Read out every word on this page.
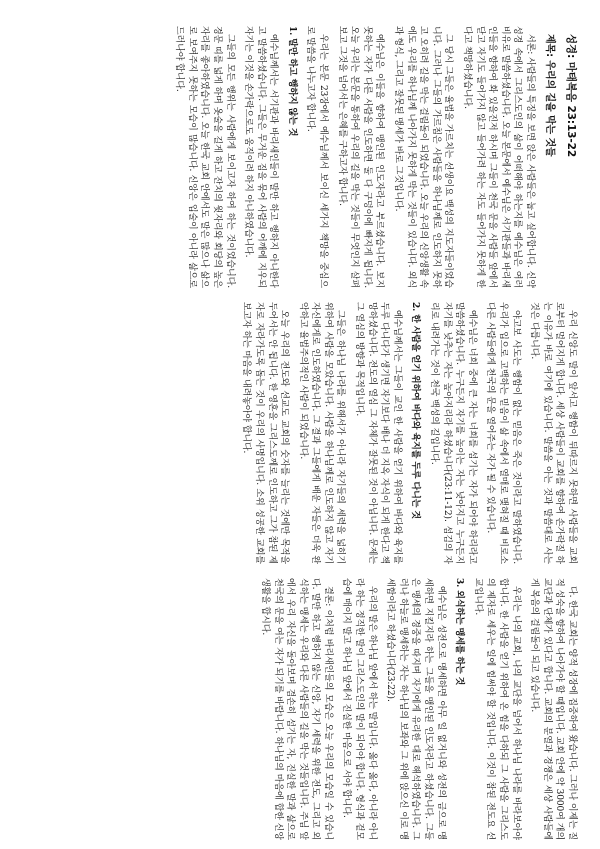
성경: 마태복음 23:13-22

제목: 우리의 길을 막는 것들

서론: 사람들의 특징을 보면 앉은 사람들은 눕고 싶어합니다. 신약 성경 속에서 그리스도인의 삶이 어떠해야 하는지를 예수님은 여러 비유로 말씀하셨습니다. 오늘 본문에서 예수님은 서기관들과 바리새인들을 향하여 화 있을진저 하시며 그들이 천국 문을 사람들 앞에서 닫고 자기도 들어가지 않고 들어가려 하는 자도 들어가지 못하게 한다고 책망하셨습니다.

그 당시 그들은 율법을 가르치는 선생이요 백성의 지도자들이었습니다. 그러나 그들의 가르침은 사람들을 하나님께로 인도하지 못하고 오히려 길을 막는 걸림돌이 되었습니다. 오늘 우리의 신앙생활 속에도 우리를 하나님께 나아가지 못하게 막는 것들이 있습니다. 외식과 형식, 그리고 잘못된 맹세가 바로 그것입니다.

예수님은 이들을 향하여 맹인된 인도자라고 부르셨습니다. 보지 못하는 자가 다른 사람을 인도하면 둘 다 구덩이에 빠지게 됩니다. 오늘 우리는 본문을 통하여 우리의 길을 막는 것들이 무엇인지 살펴보고 그것을 넘어서는 은혜를 구하고자 합니다.

우리는 본문 23장에서 예수님께서 보이신 세가지 책망을 중심으로 말씀을 나누고자 합니다.

1. 말만 하고 행하지 않는 것

예수님께서는 서기관과 바리새인들이 말만 하고 행하지 아니한다고 말씀하셨습니다. 그들은 무거운 짐을 묶어 사람의 어깨에 지우되 자기는 이것을 손가락으로도 움직이려 하지 아니하였습니다.

그들의 모든 행위는 사람에게 보이고자 하여 하는 것이었습니다. 경문 띠를 넓게 하며 옷술을 길게 하고 잔치의 윗자리와 회당의 높은 자리를 좋아하였습니다. 오늘 한국 교회 안에서도 말은 많으나 삶으로 보여주지 못하는 모습이 많습니다. 신앙은 입술이 아니라 삶으로 드러나야 합니다.

우리 신앙도 말이 앞서고 행함이 뒤따르지 못하면 사람들을 교회로부터 멀어지게 합니다. 세상 사람들이 교회를 향하여 손가락질 하는 이유가 바로 여기에 있습니다. 말씀을 아는 것과 말씀대로 사는 것은 다릅니다.

야고보 사도는 행함이 없는 믿음은 죽은 것이라고 말하였습니다. 우리가 입으로 고백하는 믿음이 삶 속에서 열매로 맺혀질 때 비로소 다른 사람들에게 천국의 문을 열어주는 자가 될 수 있습니다.

예수님은 너희 중에 큰 자는 너희를 섬기는 자가 되어야 하리라고 말씀하셨습니다. 누구든지 자기를 높이는 자는 낮아지고 누구든지 자기를 낮추는 자는 높아지리라 하셨습니다(23:11-12). 섬김의 자리로 내려가는 것이 천국 백성의 길입니다.

2. 한 사람을 얻기 위하여 바다와 육지를 두루 다니는 것

예수님께서는 그들이 교인 한 사람을 얻기 위하여 바다와 육지를 두루 다니다가 생기면 자기보다 배나 더 지옥 자식이 되게 한다고 책망하셨습니다. 전도의 열심 그 자체가 잘못된 것이 아닙니다. 문제는 그 열심의 방향과 목적입니다.

그들은 하나님 나라를 위해서가 아니라 자기들의 세력을 넓히기 위하여 사람을 모았습니다. 사람을 하나님께로 인도하지 않고 자기 자신에게로 인도하였습니다. 그 결과 그들에게 배운 자들은 더욱 완악하고 율법주의적인 사람이 되었습니다.

오늘 우리의 전도와 선교도 교회의 숫자를 늘리는 것에만 목적을 두어서는 안 됩니다. 한 영혼을 그리스도께로 인도하고 그가 참된 제자로 자라가도록 돕는 것이 우리의 사명입니다. 소위 성공한 교회를 보고자 하는 마음을 내려놓아야 합니다.

다. 한국 교회는 양적 성장에 집중하여 왔습니다. 그러나 이제는 질적 성숙을 향하여 나아가야 할 때입니다. 교회 안에 약 3000여 개의 교단과 단체가 있다고 합니다. 교회의 분열과 경쟁은 세상 사람들에게 복음의 걸림돌이 되고 있습니다.

우리는 나의 교회, 나의 교단을 넘어서 하나님 나라를 바라보아야 합니다. 한 사람을 얻기 위하여 온 힘을 다하되 그 사람을 그리스도의 제자로 세우는 일에 힘써야 할 것입니다. 이것이 참된 전도요 선교입니다.

3. 외식하는 맹세를 하는 것

예수님은 성전으로 맹세하면 아무 일 없거니와 성전의 금으로 맹세하면 지킬지라 하는 그들을 맹인된 인도자라고 하셨습니다. 그들은 맹세의 경중을 따지며 자기에게 유리한 대로 해석하였습니다. 그러나 하늘로 맹세하는 자는 하나님의 보좌와 그 위에 앉으신 이로 맹세함이라고 하셨습니다(23:22).

우리의 말은 하나님 앞에서 하는 말입니다. 옳다 옳다, 아니라 아니라 하는 정직한 말이 그리스도인의 말이 되어야 합니다. 형식과 겉모습에 매이지 말고 하나님 앞에서 진실한 마음으로 서야 합니다.

결론: 이처럼 바리새인들의 모습은 오늘 우리의 모습일 수 있습니다. 말만 하고 행하지 않는 신앙, 자기 세력을 위한 전도, 그리고 외식하는 맹세는 우리와 다른 사람들의 길을 막는 것들입니다. 주님 앞에서 우리 자신을 돌아보며 겸손히 섬기는 자, 진실한 말과 삶으로 천국의 문을 여는 자가 되기를 바랍니다. 하나님의 마음에 합한 신앙생활을 합시다.
